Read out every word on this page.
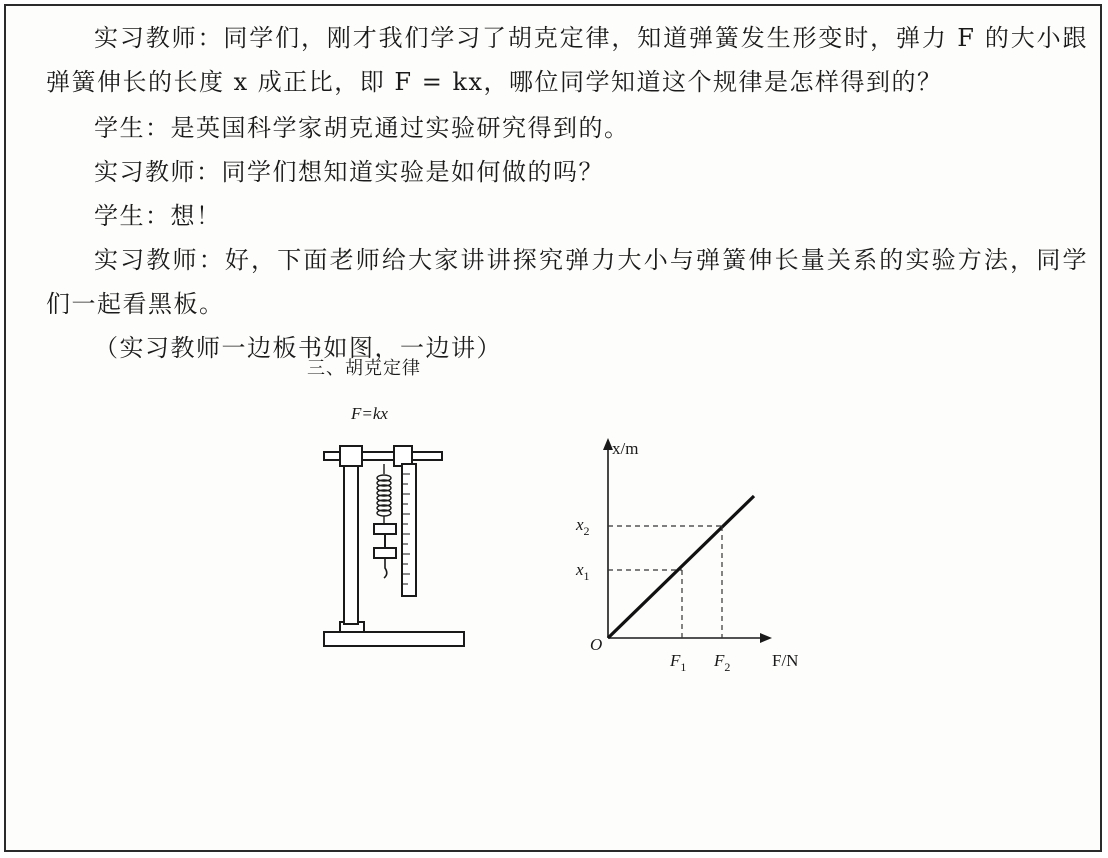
实习教师：同学们，刚才我们学习了胡克定律，知道弹簧发生形变时，弹力 F 的大小跟弹簧伸长的长度 x 成正比，即 F = kx，哪位同学知道这个规律是怎样得到的？

学生：是英国科学家胡克通过实验研究得到的。

实习教师：同学们想知道实验是如何做的吗？

学生：想！

实习教师：好，下面老师给大家讲讲探究弹力大小与弹簧伸长量关系的实验方法，同学们一起看黑板。

（实习教师一边板书如图，一边讲）

三、胡克定律
F=kx
x/m
F/N
O
$x_1$
$x_2$
$F_1$ $F_2$
